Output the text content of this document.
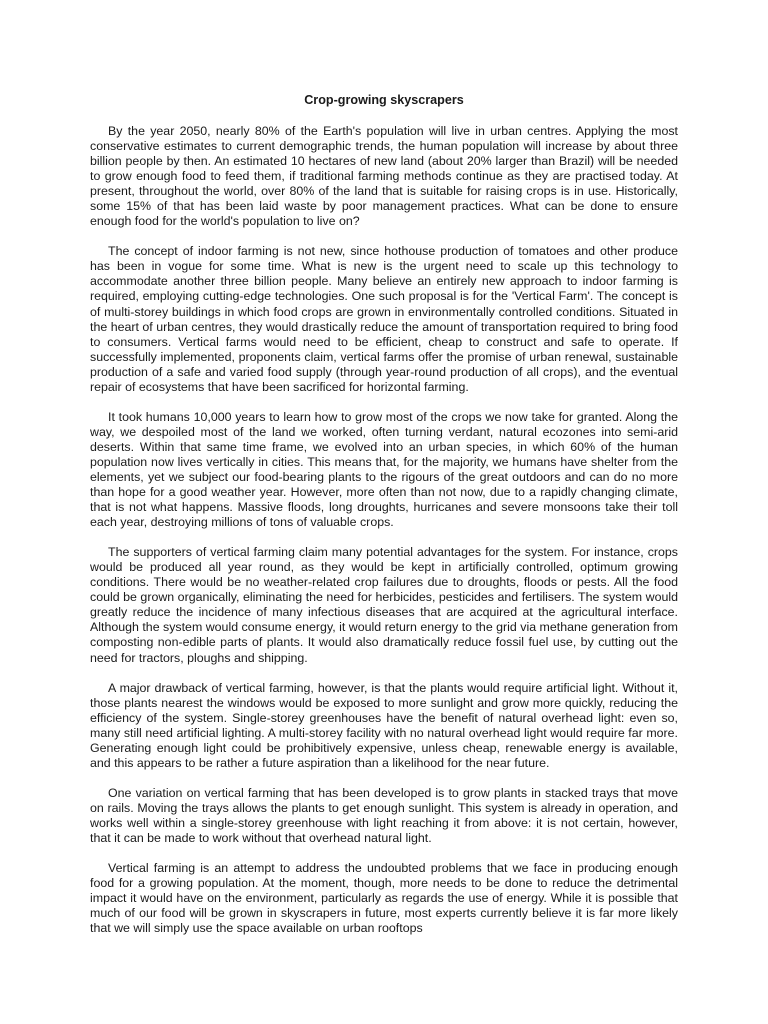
Crop-growing skyscrapers

By the year 2050, nearly 80% of the Earth's population will live in urban centres. Applying the most conservative estimates to current demographic trends, the human population will increase by about three billion people by then. An estimated 10 hectares of new land (about 20% larger than Brazil) will be needed to grow enough food to feed them, if traditional farming methods continue as they are practised today. At present, throughout the world, over 80% of the land that is suitable for raising crops is in use. Historically, some 15% of that has been laid waste by poor management practices. What can be done to ensure enough food for the world's population to live on?

The concept of indoor farming is not new, since hothouse production of tomatoes and other produce has been in vogue for some time. What is new is the urgent need to scale up this technology to accommodate another three billion people. Many believe an entirely new approach to indoor farming is required, employing cutting-edge technologies. One such proposal is for the 'Vertical Farm'. The concept is of multi-storey buildings in which food crops are grown in environmentally controlled conditions. Situated in the heart of urban centres, they would drastically reduce the amount of transportation required to bring food to consumers. Vertical farms would need to be efficient, cheap to construct and safe to operate. If successfully implemented, proponents claim, vertical farms offer the promise of urban renewal, sustainable production of a safe and varied food supply (through year-round production of all crops), and the eventual repair of ecosystems that have been sacrificed for horizontal farming.

It took humans 10,000 years to learn how to grow most of the crops we now take for granted. Along the way, we despoiled most of the land we worked, often turning verdant, natural ecozones into semi-arid deserts. Within that same time frame, we evolved into an urban species, in which 60% of the human population now lives vertically in cities. This means that, for the majority, we humans have shelter from the elements, yet we subject our food-bearing plants to the rigours of the great outdoors and can do no more than hope for a good weather year. However, more often than not now, due to a rapidly changing climate, that is not what happens. Massive floods, long droughts, hurricanes and severe monsoons take their toll each year, destroying millions of tons of valuable crops.

The supporters of vertical farming claim many potential advantages for the system. For instance, crops would be produced all year round, as they would be kept in artificially controlled, optimum growing conditions. There would be no weather-related crop failures due to droughts, floods or pests. All the food could be grown organically, eliminating the need for herbicides, pesticides and fertilisers. The system would greatly reduce the incidence of many infectious diseases that are acquired at the agricultural interface. Although the system would consume energy, it would return energy to the grid via methane generation from composting non-edible parts of plants. It would also dramatically reduce fossil fuel use, by cutting out the need for tractors, ploughs and shipping.

A major drawback of vertical farming, however, is that the plants would require artificial light. Without it, those plants nearest the windows would be exposed to more sunlight and grow more quickly, reducing the efficiency of the system. Single-storey greenhouses have the benefit of natural overhead light: even so, many still need artificial lighting. A multi-storey facility with no natural overhead light would require far more. Generating enough light could be prohibitively expensive, unless cheap, renewable energy is available, and this appears to be rather a future aspiration than a likelihood for the near future.

One variation on vertical farming that has been developed is to grow plants in stacked trays that move on rails. Moving the trays allows the plants to get enough sunlight. This system is already in operation, and works well within a single-storey greenhouse with light reaching it from above: it is not certain, however, that it can be made to work without that overhead natural light.

Vertical farming is an attempt to address the undoubted problems that we face in producing enough food for a growing population. At the moment, though, more needs to be done to reduce the detrimental impact it would have on the environment, particularly as regards the use of energy. While it is possible that much of our food will be grown in skyscrapers in future, most experts currently believe it is far more likely that we will simply use the space available on urban rooftops
